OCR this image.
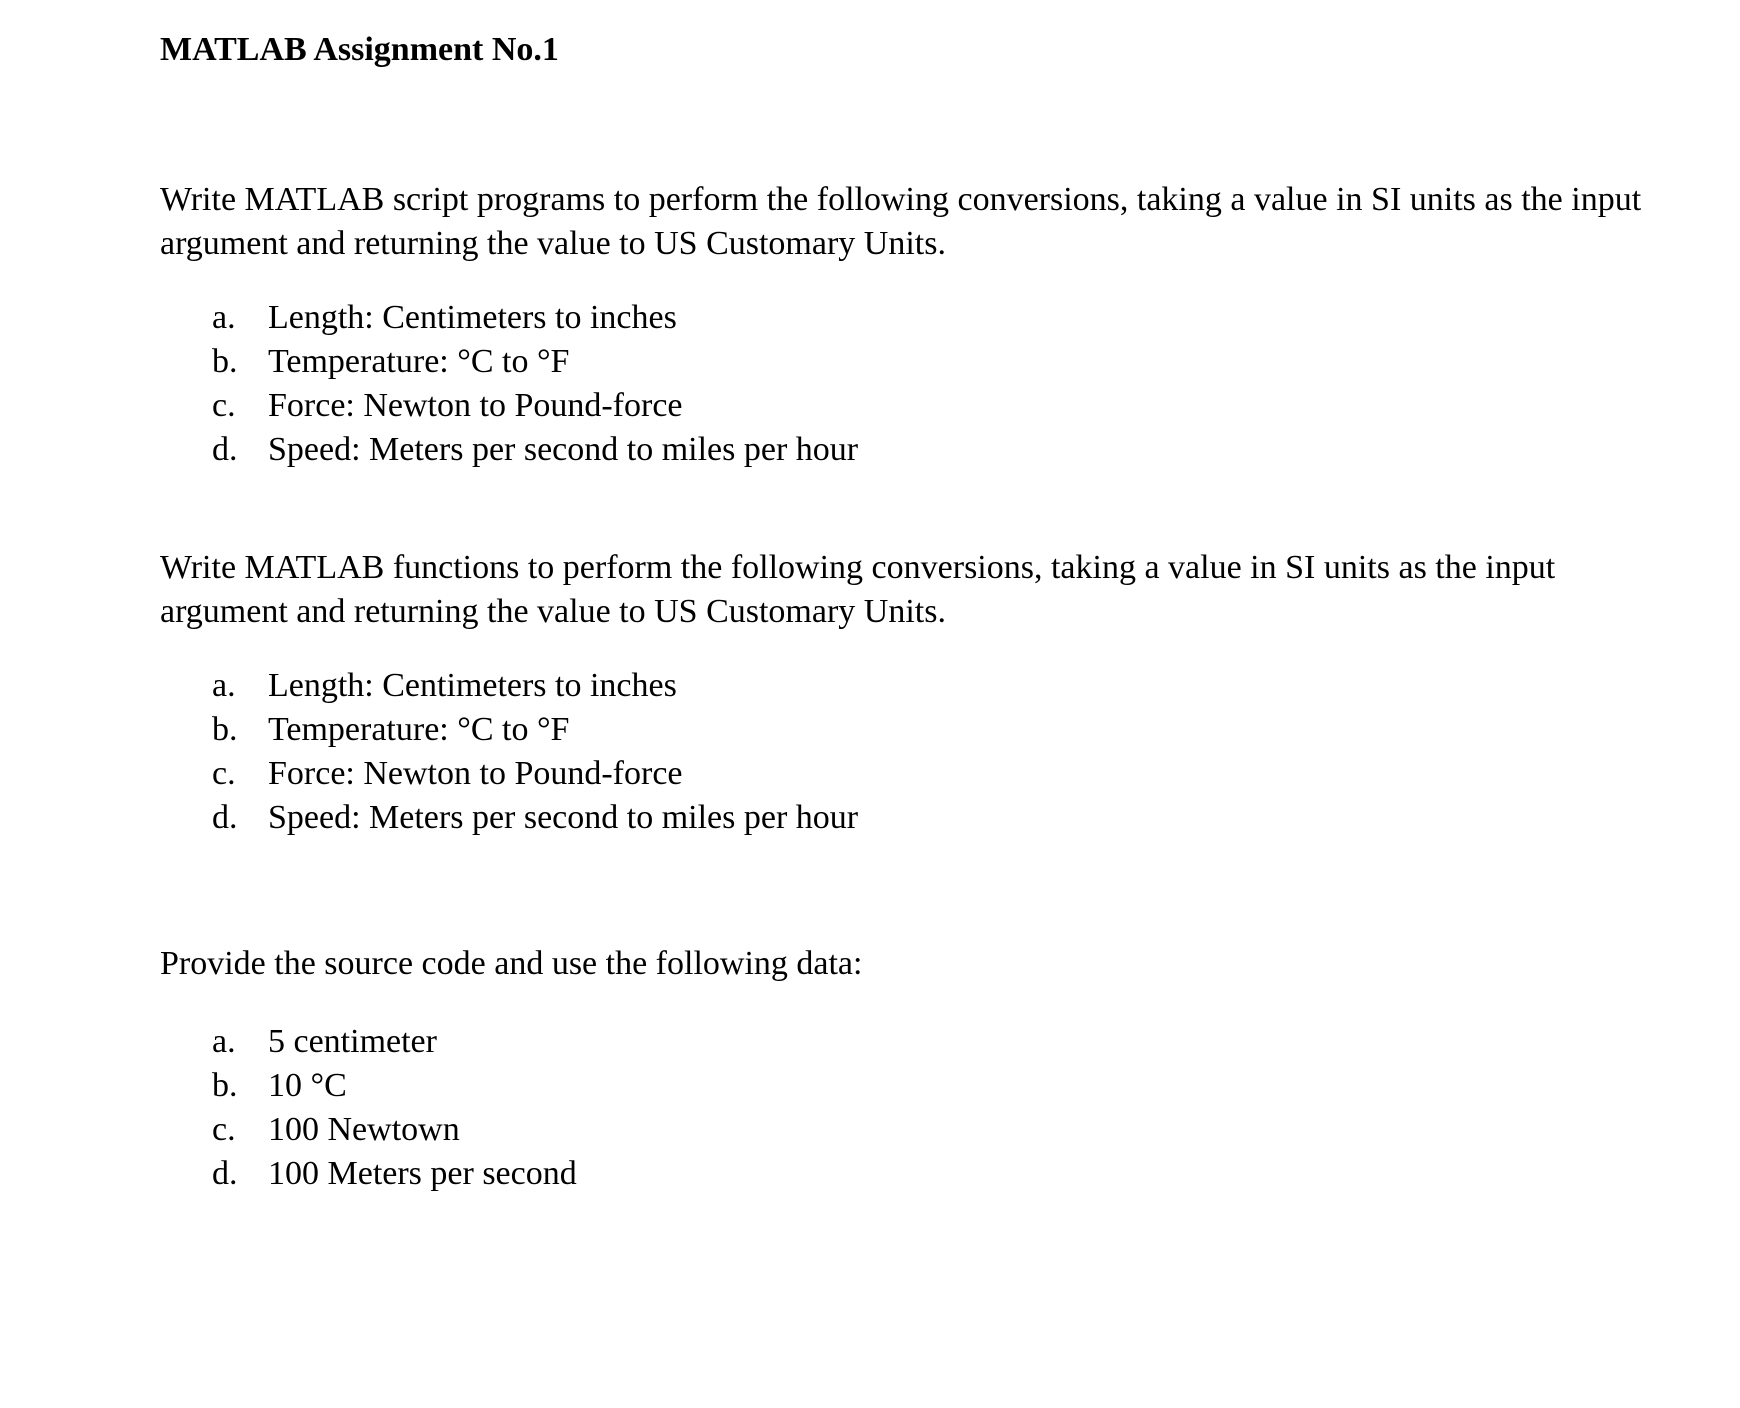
MATLAB Assignment No.1

Write MATLAB script programs to perform the following conversions, taking a value in SI units as the input argument and returning the value to US Customary Units.

a. Length: Centimeters to inches
b. Temperature: °C to °F
c. Force: Newton to Pound-force
d. Speed: Meters per second to miles per hour

Write MATLAB functions to perform the following conversions, taking a value in SI units as the input argument and returning the value to US Customary Units.

a. Length: Centimeters to inches
b. Temperature: °C to °F
c. Force: Newton to Pound-force
d. Speed: Meters per second to miles per hour

Provide the source code and use the following data:

a. 5 centimeter
b. 10 °C
c. 100 Newtown
d. 100 Meters per second
